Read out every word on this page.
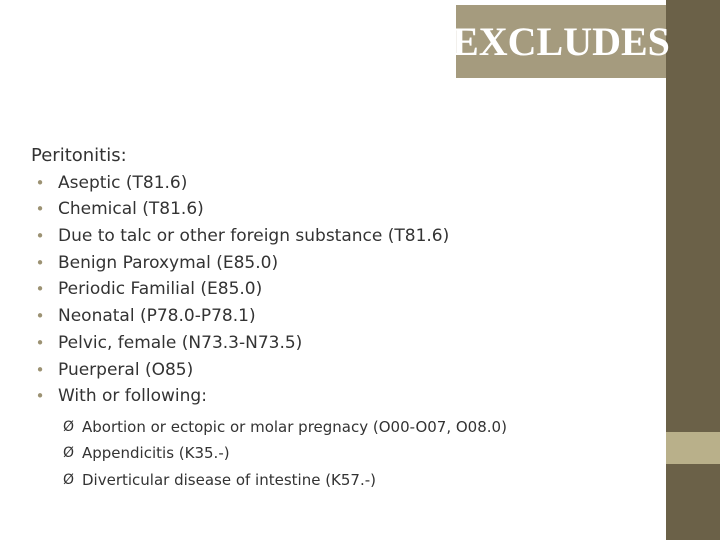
EXCLUDES
Peritonitis:
• Aseptic (T81.6)
• Chemical (T81.6)
• Due to talc or other foreign substance (T81.6)
• Benign Paroxymal (E85.0)
• Periodic Familial (E85.0)
• Neonatal (P78.0-P78.1)
• Pelvic, female (N73.3-N73.5)
• Puerperal (O85)
• With or following:
Ø Abortion or ectopic or molar pregnacy (O00-O07, O08.0)
Ø Appendicitis (K35.-)
Ø Diverticular disease of intestine (K57.-)
